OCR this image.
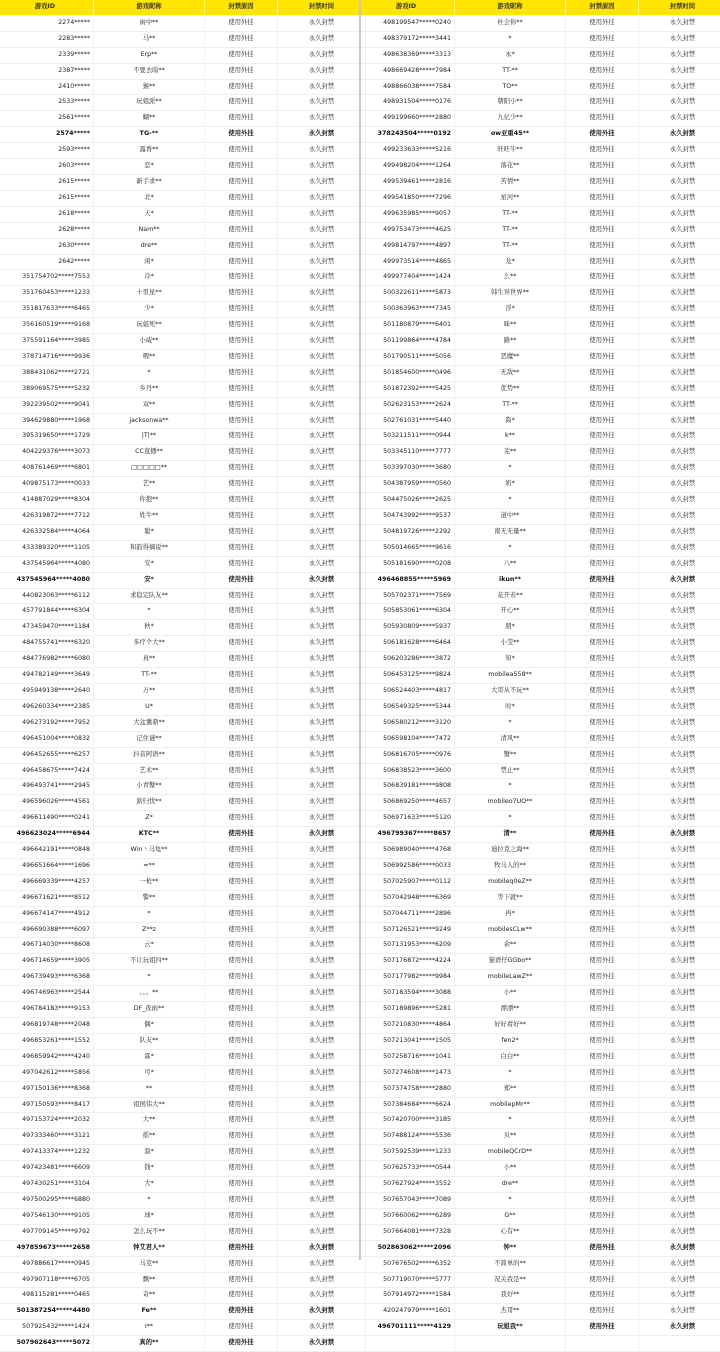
游戏ID	游戏昵称	封禁原因	封禁时间
2274*****	雨中**	使用外挂	永久封禁
2283*****	马**	使用外挂	永久封禁
2339*****	Erp**	使用外挂	永久封禁
2387*****	不要去暗**	使用外挂	永久封禁
2410*****	猴**	使用外挂	永久封禁
2533*****	玩姐派**	使用外挂	永久封禁
2561*****	蝴**	使用外挂	永久封禁
2574*****	TG-**	使用外挂	永久封禁
2593*****	露香**	使用外挂	永久封禁
2603*****	恋*	使用外挂	永久封禁
2615*****	新手求**	使用外挂	永久封禁
2615*****	北*	使用外挂	永久封禁
2618*****	天*	使用外挂	永久封禁
2628*****	Nam**	使用外挂	永久封禁
2630*****	dre**	使用外挂	永久封禁
2642*****	闲*	使用外挂	永久封禁
351754702*****7553	冷*	使用外挂	永久封禁
351760453*****1233	十里星**	使用外挂	永久封禁
351817633*****6465	少*	使用外挂	永久封禁
356160519*****9168	玩姐死**	使用外挂	永久封禁
375591164*****3985	小威**	使用外挂	永久封禁
378714716*****9936	喂**	使用外挂	永久封禁
388431062*****2721	*	使用外挂	永久封禁
389069575*****5232	乡丹**	使用外挂	永久封禁
392239502*****9041	双**	使用外挂	永久封禁
394629880*****1968	jacksonwa**	使用外挂	永久封禁
395319650*****1729	|T|**	使用外挂	永久封禁
404229376*****3073	CC直播**	使用外挂	永久封禁
408761469*****6801	□□□□□**	使用外挂	永久封禁
409875173*****0033	艺**	使用外挂	永久封禁
414887029*****8304	你抱**	使用外挂	永久封禁
426319872*****7712	姓牛**	使用外挂	永久封禁
426332584*****4064	聪*	使用外挂	永久封禁
433389320*****1105	和韵得摘说**	使用外挂	永久封禁
437545964*****4080	安*	使用外挂	永久封禁
437545964*****4080	安*	使用外挂	永久封禁
440823063*****6112	求稳定队友**	使用外挂	永久封禁
457791844*****6304	*	使用外挂	永久封禁
473459470*****1184	秋*	使用外挂	永久封禁
484755741*****6320	多疗个大**	使用外挂	永久封禁
484776982*****6080	真**	使用外挂	永久封禁
494782149*****3649	TT-**	使用外挂	永久封禁
495949138*****2640	万**	使用外挂	永久封禁
496260334*****2385	U*	使用外挂	永久封禁
496273192*****7952	大盆囊鼎**	使用外挂	永久封禁
496451004*****0832	记住谜**	使用外挂	永久封禁
496452655*****6257	抖音阿语**	使用外挂	永久封禁
496458675*****7424	艺术**	使用外挂	永久封禁
496493741*****2945	小青蟹**	使用外挂	永久封禁
496596026*****4561	薪归忧**	使用外挂	永久封禁
496611490*****0241	Z*	使用外挂	永久封禁
496623024*****6944	KTC**	使用外挂	永久封禁
496642191*****0848	Win丶马龟**	使用外挂	永久封禁
496651664*****1696	≈**	使用外挂	永久封禁
496669339*****4257	一枪**	使用外挂	永久封禁
496671621*****8512	警**	使用外挂	永久封禁
496674147*****4912	*	使用外挂	永久封禁
496690388*****6097	Z**z	使用外挂	永久封禁
496714030*****8608	云*	使用外挂	永久封禁
496714659*****3905	不让玩姐四**	使用外挂	永久封禁
496739493*****6368	*	使用外挂	永久封禁
496746963*****2544	。。。**	使用外挂	永久封禁
496784183*****9153	DF_夜雨**	使用外挂	永久封禁
496819748*****2048	偶*	使用外挂	永久封禁
496853261*****1552	队友**	使用外挂	永久封禁
496859942*****4240	霖*	使用外挂	永久封禁
497042612*****5856	可*	使用外挂	永久封禁
497150136*****8368	**	使用外挂	永久封禁
497150593*****8417	祖国伟大**	使用外挂	永久封禁
497153724*****2032	大**	使用外挂	永久封禁
497333460*****3121	摇**	使用外挂	永久封禁
497413374*****1232	温*	使用外挂	永久封禁
497423481*****6609	钱*	使用外挂	永久封禁
497430251*****3104	大*	使用外挂	永久封禁
497500295*****6880	*	使用外挂	永久封禁
497546130*****9105	球*	使用外挂	永久封禁
497709145*****9792	怎么玩不**	使用外挂	永久封禁
497859673*****2658	钟艾君人**	使用外挂	永久封禁
497886617*****0945	马克**	使用外挂	永久封禁
497907118*****6705	飘**	使用外挂	永久封禁
498115281*****0465	奇**	使用外挂	永久封禁
501387254*****4480	Fe**	使用外挂	永久封禁
507925432*****1424	I**	使用外挂	永久封禁
507962643*****5072	真的**	使用外挂	永久封禁
游戏ID	游戏昵称	封禁原因	封禁时间
498199547*****0240	杜会你**	使用外挂	永久封禁
498379172*****3441	*	使用外挂	永久封禁
498638369*****3313	永*	使用外挂	永久封禁
498669428*****7984	TT-**	使用外挂	永久封禁
498866038*****7584	TO**	使用外挂	永久封禁
498931504*****0176	朝阳小**	使用外挂	永久封禁
499199660*****2880	九亿少**	使用外挂	永久封禁
378243504*****0192	ow亚重45**	使用外挂	永久封禁
499233633*****5216	旺旺牛**	使用外挂	永久封禁
499498204*****1264	落花**	使用外挂	永久封禁
499539461*****2816	苦情**	使用外挂	永久封禁
499541850*****7296	星河**	使用外挂	永久封禁
499635985*****9057	TT-**	使用外挂	永久封禁
499753473*****4625	TT-**	使用外挂	永久封禁
499814797*****4897	TT-**	使用外挂	永久封禁
499973514*****4865	龙*	使用外挂	永久封禁
499977404*****1424	么**	使用外挂	永久封禁
500322611*****5873	韩生异世界**	使用外挂	永久封禁
500363963*****7345	浮*	使用外挂	永久封禁
501180879*****6401	咪**	使用外挂	永久封禁
501199864*****4784	路**	使用外挂	永久封禁
501790511*****5056	恶魔**	使用外挂	永久封禁
501854600*****0496	无敌**	使用外挂	永久封禁
501872392*****5425	优势**	使用外挂	永久封禁
502623153*****2624	TT-**	使用外挂	永久封禁
502761031*****5440	酱*	使用外挂	永久封禁
503211511*****0944	k**	使用外挂	永久封禁
503345110*****7777	芜**	使用外挂	永久封禁
503397030*****3680	*	使用外挂	永久封禁
504387959*****0560	奶*	使用外挂	永久封禁
504475026*****2625	*	使用外挂	永久封禁
504743992*****9537	道中**	使用外挂	永久封禁
504819726*****2292	南无无量**	使用外挂	永久封禁
505014665*****9616	*	使用外挂	永久封禁
505181690*****0208	八**	使用外挂	永久封禁
496468855*****5969	ikun**	使用外挂	永久封禁
505702371*****7569	花开若**	使用外挂	永久封禁
505853061*****6304	开心**	使用外挂	永久封禁
505930809*****5937	朋*	使用外挂	永久封禁
506181628*****6464	小莹**	使用外挂	永久封禁
506203286*****3872	知*	使用外挂	永久封禁
506453125*****9824	mobilea558**	使用外挂	永久封禁
506524403*****4817	大哥从不玩**	使用外挂	永久封禁
506549325*****5344	时*	使用外挂	永久封禁
506580212*****3120	*	使用外挂	永久封禁
506598104*****7472	清风**	使用外挂	永久封禁
506816705*****0976	蟹**	使用外挂	永久封禁
506838523*****3600	禁止**	使用外挂	永久封禁
506839181*****9808	*	使用外挂	永久封禁
506869250*****4657	mobileo7UO**	使用外挂	永久封禁
506971633*****5120	*	使用外挂	永久封禁
496799367*****8657	清**	使用外挂	永久封禁
506989040*****4768	迪拉克之海**	使用外挂	永久封禁
506992586*****0033	牧马人的**	使用外挂	永久封禁
507025907*****0112	mobileq0eZ**	使用外挂	永久封禁
507042948*****6369	等下就**	使用外挂	永久封禁
507044711*****2896	再*	使用外挂	永久封禁
507126521*****9249	mobilesCLw**	使用外挂	永久封禁
507131953*****6209	余**	使用外挂	永久封禁
507176872*****4224	猫语仔GGbo**	使用外挂	永久封禁
507177982*****9984	mobileLawZ**	使用外挂	永久封禁
507183594*****3088	小**	使用外挂	永久封禁
507189896*****5281	漂漂**	使用外挂	永久封禁
507210830*****4864	好好看好**	使用外挂	永久封禁
507213041*****1505	fen2*	使用外挂	永久封禁
507258716*****1041	白白**	使用外挂	永久封禁
507274608*****1473	*	使用外挂	永久封禁
507374758*****2880	郑**	使用外挂	永久封禁
507384684*****6624	mobilepMr**	使用外挂	永久封禁
507420700*****3185	*	使用外挂	永久封禁
507488124*****5536	贝**	使用外挂	永久封禁
507592539*****1233	mobileQCrD**	使用外挂	永久封禁
507625733*****0544	小**	使用外挂	永久封禁
507627924*****3552	dre**	使用外挂	永久封禁
507657043*****7089	*	使用外挂	永久封禁
507660062*****6289	G**	使用外挂	永久封禁
507664081*****7328	心有**	使用外挂	永久封禁
502863062*****2096	钟**	使用外挂	永久封禁
507676502*****6352	不简单的**	使用外挂	永久封禁
507719070*****5777	况关我是**	使用外挂	永久封禁
507914972*****1584	我好**	使用外挂	永久封禁
420247979*****1601	杰哥**	使用外挂	永久封禁
496701111*****4129	玩姐我**	使用外挂	永久封禁
